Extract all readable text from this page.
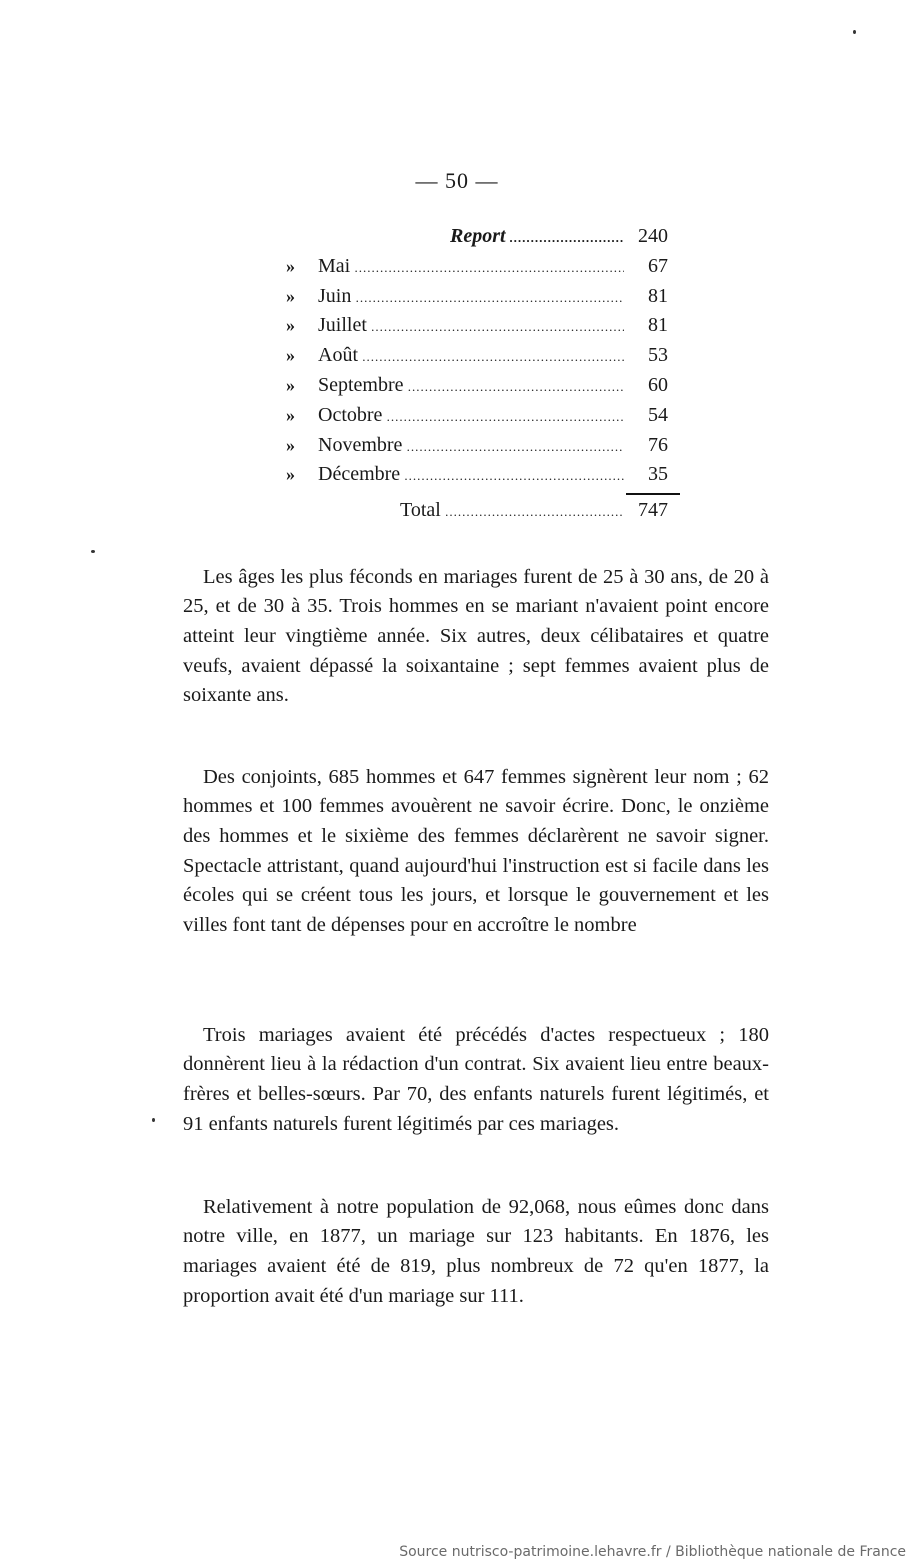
— 50 —
Report .....	240
» Mai .....	67
» Juin .....	81
» Juillet .....	81
» Août .....	53
» Septembre .....	60
» Octobre .....	54
» Novembre .....	76
» Décembre .....	35
Total .....	747

Les âges les plus féconds en mariages furent de 25 à 30 ans, de 20 à 25, et de 30 à 35. Trois hommes en se mariant n'avaient point encore atteint leur vingtième année. Six autres, deux célibataires et quatre veufs, avaient dépassé la soixantaine ; sept femmes avaient plus de soixante ans.

Des conjoints, 685 hommes et 647 femmes signèrent leur nom ; 62 hommes et 100 femmes avouèrent ne savoir écrire. Donc, le onzième des hommes et le sixième des femmes déclarèrent ne savoir signer. Spectacle attristant, quand aujourd'hui l'instruction est si facile dans les écoles qui se créent tous les jours, et lorsque le gouvernement et les villes font tant de dépenses pour en accroître le nombre

Trois mariages avaient été précédés d'actes respectueux ; 180 donnèrent lieu à la rédaction d'un contrat. Six avaient lieu entre beaux-frères et belles-sœurs. Par 70, des enfants naturels furent légitimés, et 91 enfants naturels furent légitimés par ces mariages.

Relativement à notre population de 92,068, nous eûmes donc dans notre ville, en 1877, un mariage sur 123 habitants. En 1876, les mariages avaient été de 819, plus nombreux de 72 qu'en 1877, la proportion avait été d'un mariage sur 111.

Source nutrisco-patrimoine.lehavre.fr / Bibliothèque nationale de France
